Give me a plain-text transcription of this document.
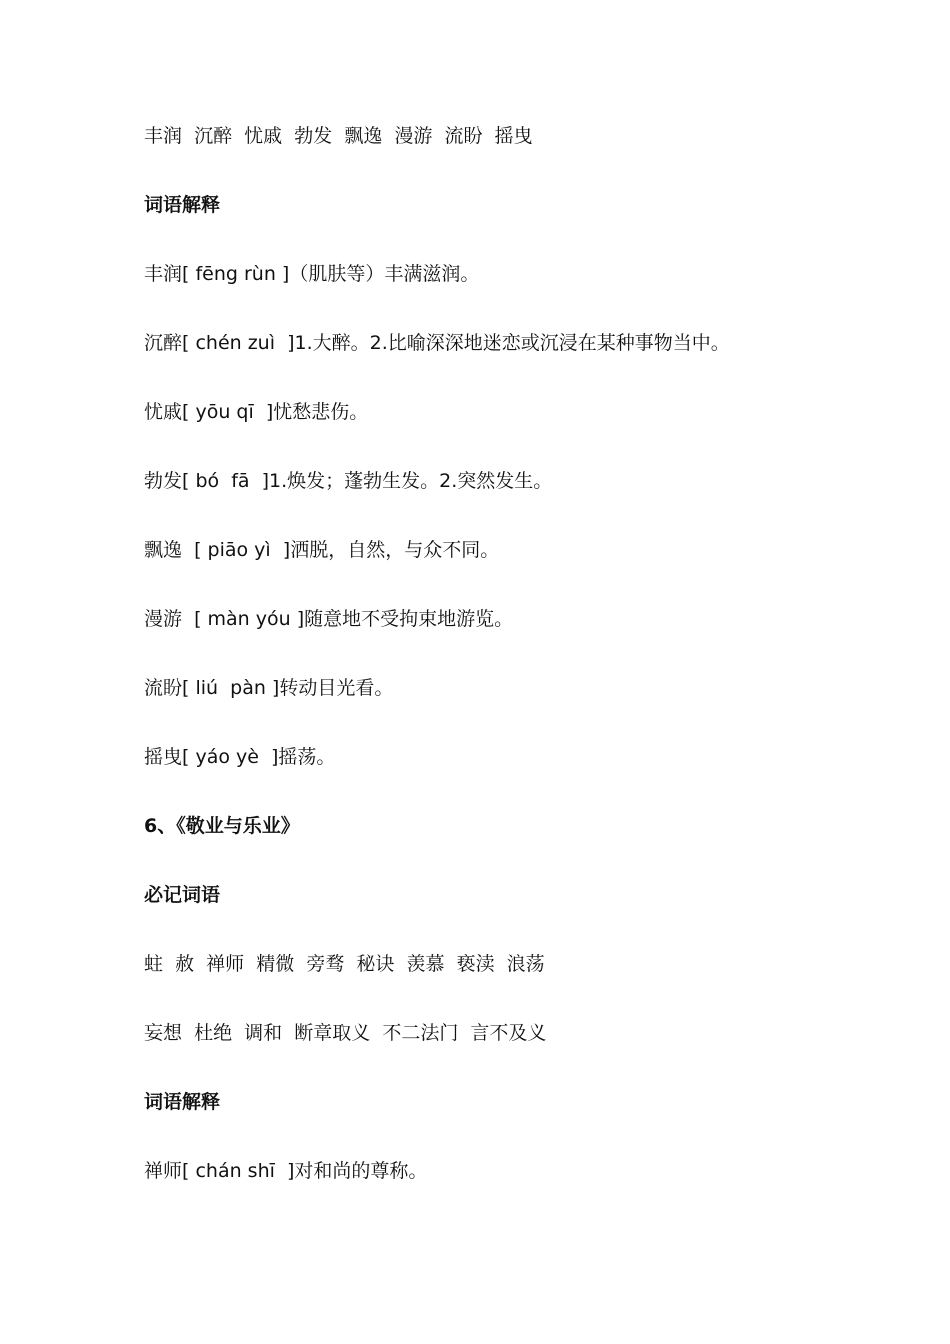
丰润  沉醉  忧戚  勃发  飘逸  漫游  流盼  摇曳
词语解释
丰润[ fēng rùn ]（肌肤等）丰满滋润。
沉醉[ chén zuì  ]1.大醉。2.比喻深深地迷恋或沉浸在某种事物当中。
忧戚[ yōu qī  ]忧愁悲伤。
勃发[ bó  fā  ]1.焕发；蓬勃生发。2.突然发生。
飘逸  [ piāo yì  ]洒脱，自然，与众不同。
漫游  [ màn yóu ]随意地不受拘束地游览。
流盼[ liú  pàn ]转动目光看。
摇曳[ yáo yè  ]摇荡。
6、《敬业与乐业》
必记词语
蛀  赦  禅师  精微  旁骛  秘诀  羡慕  亵渎  浪荡
妄想  杜绝  调和  断章取义  不二法门  言不及义
词语解释
禅师[ chán shī  ]对和尚的尊称。
